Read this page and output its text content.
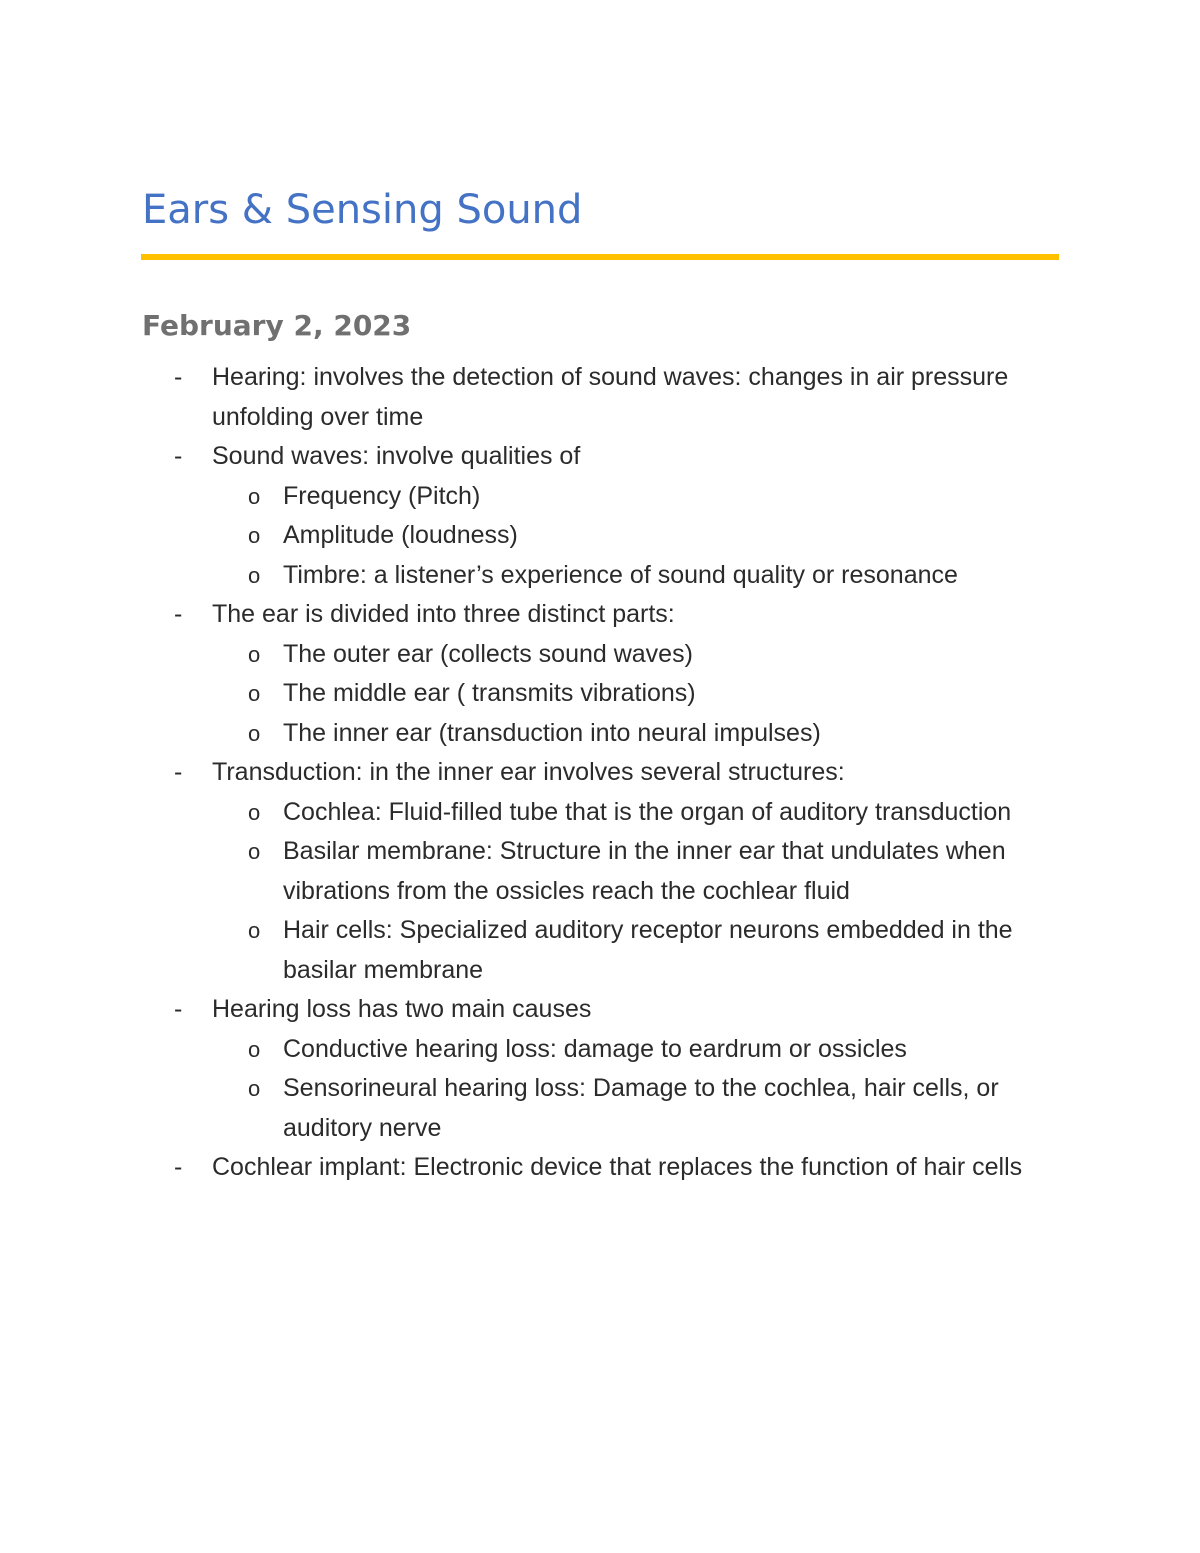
Ears & Sensing Sound
February 2, 2023
- Hearing: involves the detection of sound waves: changes in air pressure unfolding over time
- Sound waves: involve qualities of
o Frequency (Pitch)
o Amplitude (loudness)
o Timbre: a listener’s experience of sound quality or resonance
- The ear is divided into three distinct parts:
o The outer ear (collects sound waves)
o The middle ear ( transmits vibrations)
o The inner ear (transduction into neural impulses)
- Transduction: in the inner ear involves several structures:
o Cochlea: Fluid-filled tube that is the organ of auditory transduction
o Basilar membrane: Structure in the inner ear that undulates when vibrations from the ossicles reach the cochlear fluid
o Hair cells: Specialized auditory receptor neurons embedded in the basilar membrane
- Hearing loss has two main causes
o Conductive hearing loss: damage to eardrum or ossicles
o Sensorineural hearing loss: Damage to the cochlea, hair cells, or auditory nerve
- Cochlear implant: Electronic device that replaces the function of hair cells
